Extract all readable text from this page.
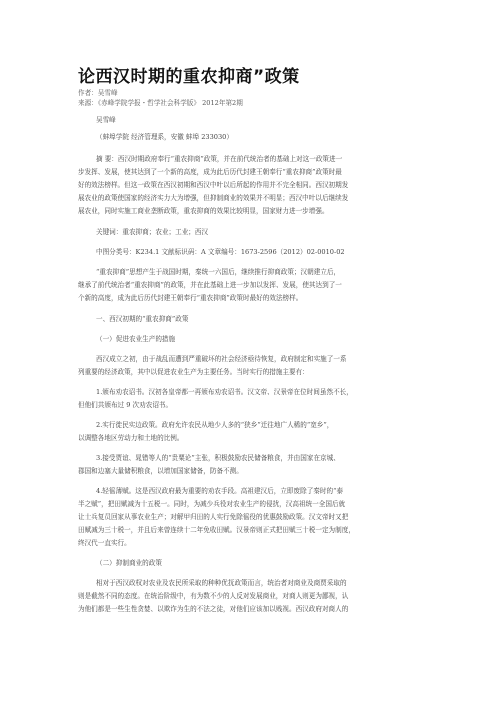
论西汉时期的重农抑商”政策
作者：吴雪峰
来源：《赤峰学院学报・哲学社会科学版》 2012年第2期
吴雪峰
（蚌埠学院 经济管理系，安徽 蚌埠 233030）
摘 要：西汉时期政府奉行“重农抑商”政策，并在前代统治者的基础上对这一政策进一
步发挥、发展，使其达到了一个新的高度，成为此后历代封建王朝奉行“重农抑商”政策时最
好的效法榜样。但这一政策在西汉初期和西汉中叶以后所起的作用并不完全相同。西汉初期发
展农业的政策使国家的经济实力大为增强，但抑制商业的效果并不明显；西汉中叶以后继续发
展农业，同时实施工商业垄断政策，重农抑商的效果比较明显，国家财力进一步增强。
关键词：重农抑商；农业；工业；西汉
中图分类号：K234.1 文献标识码：A 文章编号：1673-2596（2012）02-0010-02
“重农抑商”思想产生于战国时期，秦统一六国后，继续推行抑商政策；汉朝建立后，
继承了前代统治者“重农抑商”的政策，并在此基础上进一步加以发挥、发展，使其达到了一
个新的高度，成为此后历代封建王朝奉行“重农抑商”政策时最好的效法榜样。
一、西汉初期的“重农抑商”政策
（一）促进农业生产的措施
西汉成立之初，由于战乱而遭到严重破坏的社会经济亟待恢复，政府制定和实施了一系
列重要的经济政策，其中以促进农业生产为主要任务。当时实行的措施主要有：
1.颁布劝农诏书。汉初各皇帝都一再颁布劝农诏书。汉文帝、汉景帝在位时间虽然不长，
但他们共颁布过 9 次劝农诏书。
2.实行徙民实边政策。政府允许农民从地少人多的“狭乡”迁往地广人稀的“宽乡”，
以调整各地区劳动力和土地的比例。
3.接受贾谊、晁错等人的“贵粟论”主张，积极鼓励农民储备粮食，并由国家在京城、
郡国和边塞大量储积粮食，以增加国家储备，防备不测。
4.轻徭薄赋。这是西汉政府最为重要的劝农手段。高祖建汉后，立即废除了秦时的“泰
半之赋”，把田赋减为十五税一。同时，为减少兵役对农业生产的侵扰，汉高祖统一全国后就
让士兵复员回家从事农业生产；对解甲归田的人实行免除徭役的优惠鼓励政策。汉文帝时又把
田赋减为三十税一，并且后来曾连续十二年免收田赋。汉景帝则正式把田赋三十税一定为制度，
终汉代一直实行。
（二）抑制商业的政策
相对于西汉政权对农业及农民所采取的种种优抚政策而言，统治者对商业及商贾采取的
则是截然不同的态度。在统治阶级中，有为数不少的人反对发展商业，对商人则更为鄙视，认
为他们都是一些生性贪婪、以欺诈为生的不法之徒，对他们应该加以贱视。西汉政府对商人的
